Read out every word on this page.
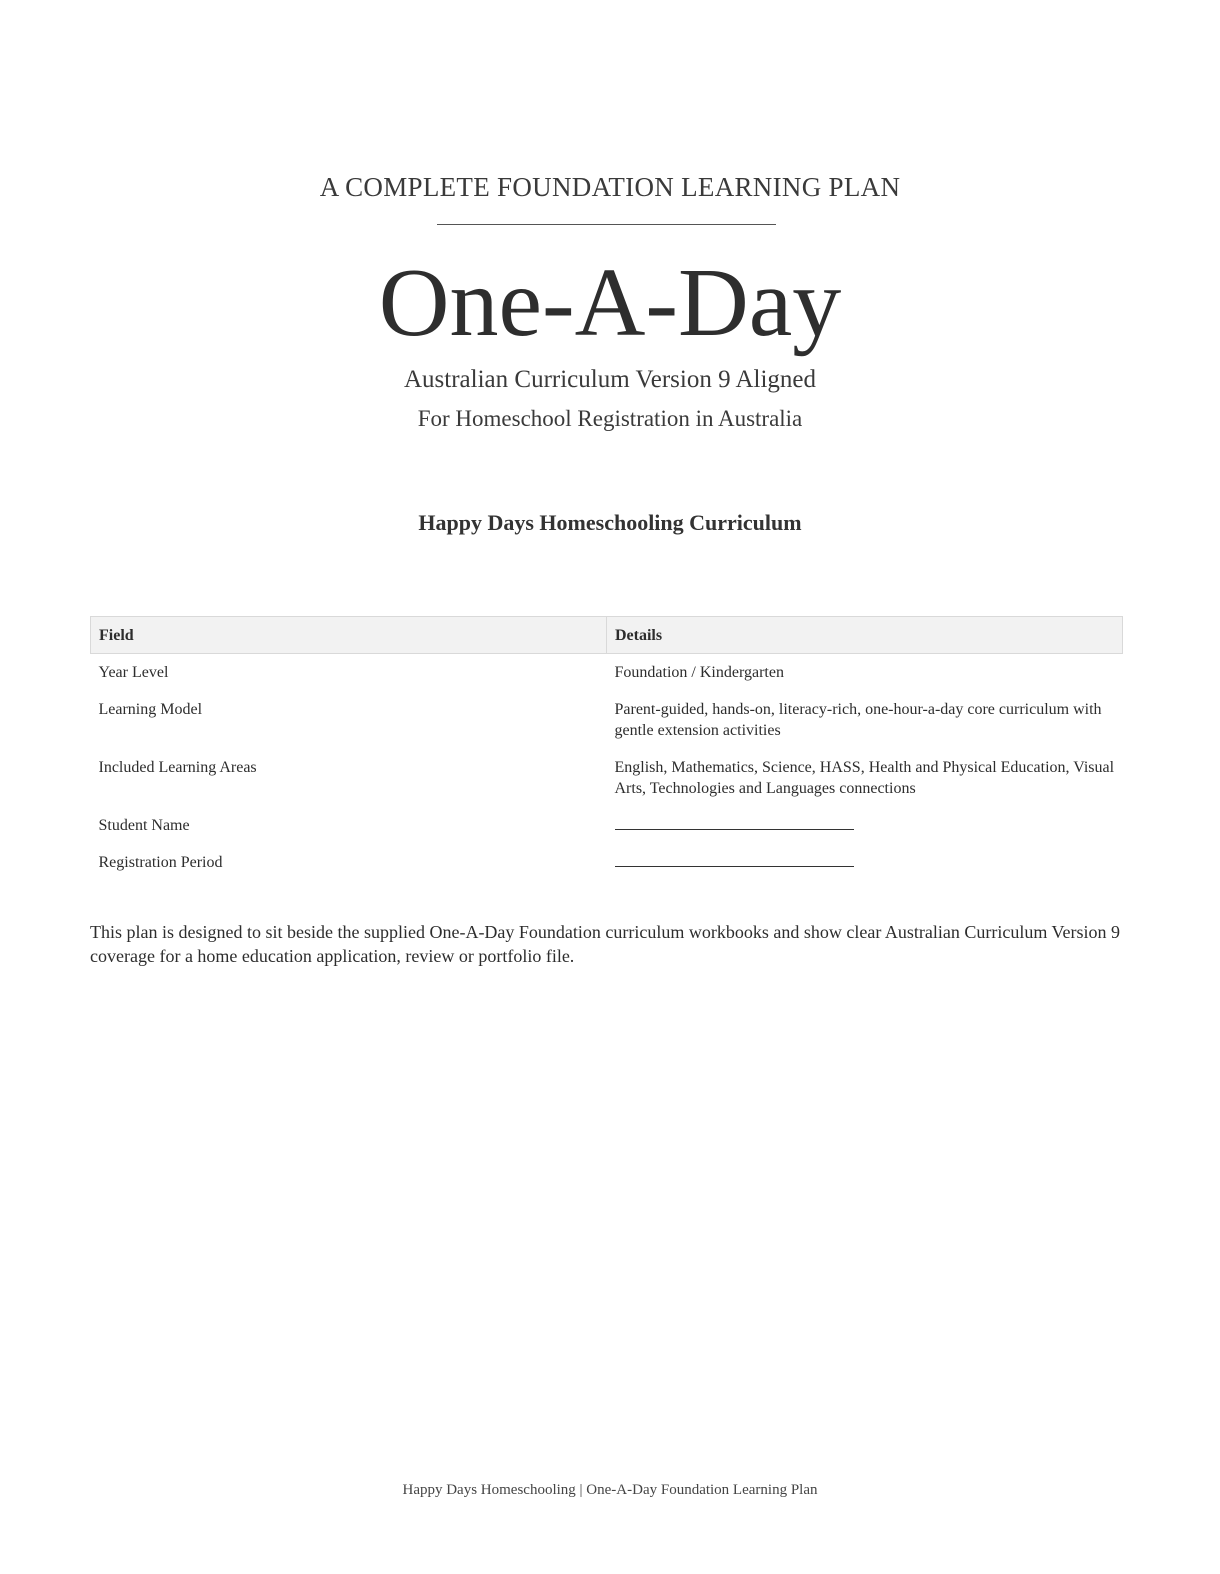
A COMPLETE FOUNDATION LEARNING PLAN
One-A-Day
Australian Curriculum Version 9 Aligned
For Homeschool Registration in Australia
Happy Days Homeschooling Curriculum
Field	Details
Year Level	Foundation / Kindergarten
Learning Model	Parent-guided, hands-on, literacy-rich, one-hour-a-day core curriculum with gentle extension activities
Included Learning Areas	English, Mathematics, Science, HASS, Health and Physical Education, Visual Arts, Technologies and Languages connections
Student Name	
Registration Period	

This plan is designed to sit beside the supplied One-A-Day Foundation curriculum workbooks and show clear Australian Curriculum Version 9 coverage for a home education application, review or portfolio file.

Happy Days Homeschooling | One-A-Day Foundation Learning Plan
